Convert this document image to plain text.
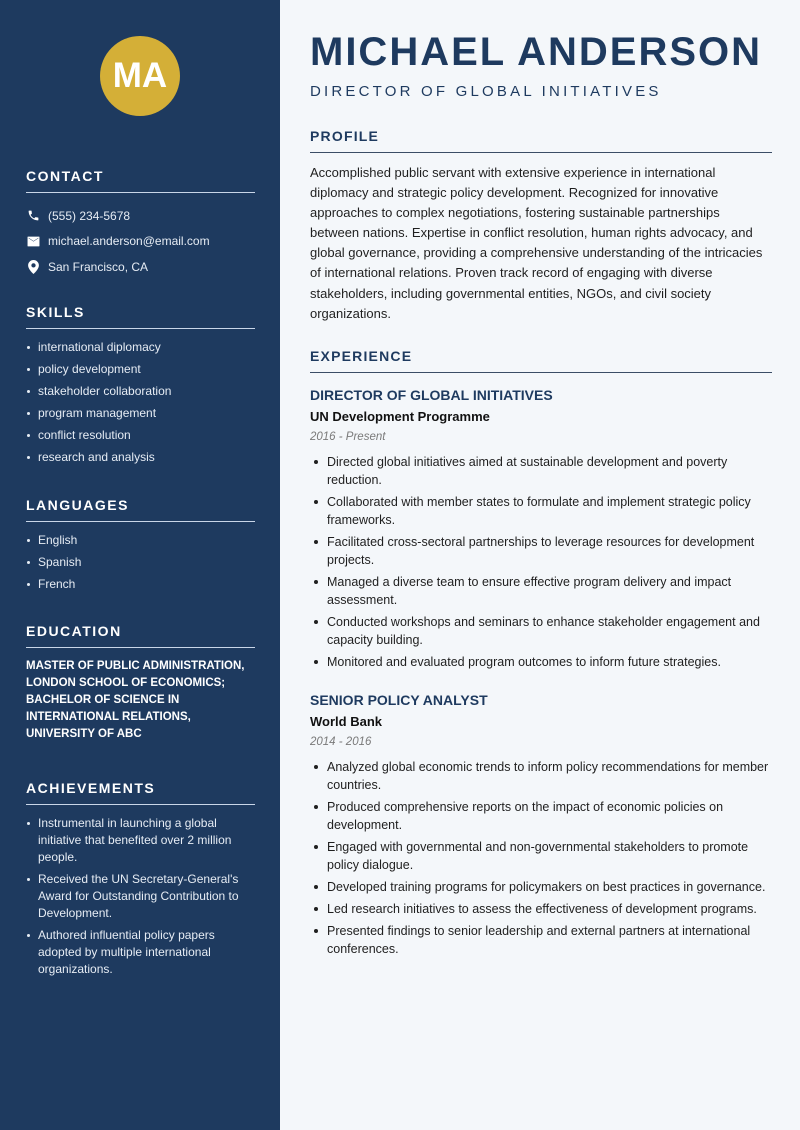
MA
CONTACT
(555) 234-5678
michael.anderson@email.com
San Francisco, CA
SKILLS
international diplomacy
policy development
stakeholder collaboration
program management
conflict resolution
research and analysis
LANGUAGES
English
Spanish
French
EDUCATION
MASTER OF PUBLIC ADMINISTRATION, LONDON SCHOOL OF ECONOMICS; BACHELOR OF SCIENCE IN INTERNATIONAL RELATIONS, UNIVERSITY OF ABC
ACHIEVEMENTS
Instrumental in launching a global initiative that benefited over 2 million people.
Received the UN Secretary-General's Award for Outstanding Contribution to Development.
Authored influential policy papers adopted by multiple international organizations.
MICHAEL ANDERSON
DIRECTOR OF GLOBAL INITIATIVES
PROFILE

Accomplished public servant with extensive experience in international diplomacy and strategic policy development. Recognized for innovative approaches to complex negotiations, fostering sustainable partnerships between nations. Expertise in conflict resolution, human rights advocacy, and global governance, providing a comprehensive understanding of the intricacies of international relations. Proven track record of engaging with diverse stakeholders, including governmental entities, NGOs, and civil society organizations.

EXPERIENCE
DIRECTOR OF GLOBAL INITIATIVES
UN Development Programme
2016 - Present
Directed global initiatives aimed at sustainable development and poverty reduction.
Collaborated with member states to formulate and implement strategic policy frameworks.
Facilitated cross-sectoral partnerships to leverage resources for development projects.
Managed a diverse team to ensure effective program delivery and impact assessment.
Conducted workshops and seminars to enhance stakeholder engagement and capacity building.
Monitored and evaluated program outcomes to inform future strategies.
SENIOR POLICY ANALYST
World Bank
2014 - 2016
Analyzed global economic trends to inform policy recommendations for member countries.
Produced comprehensive reports on the impact of economic policies on development.
Engaged with governmental and non-governmental stakeholders to promote policy dialogue.
Developed training programs for policymakers on best practices in governance.
Led research initiatives to assess the effectiveness of development programs.
Presented findings to senior leadership and external partners at international conferences.
